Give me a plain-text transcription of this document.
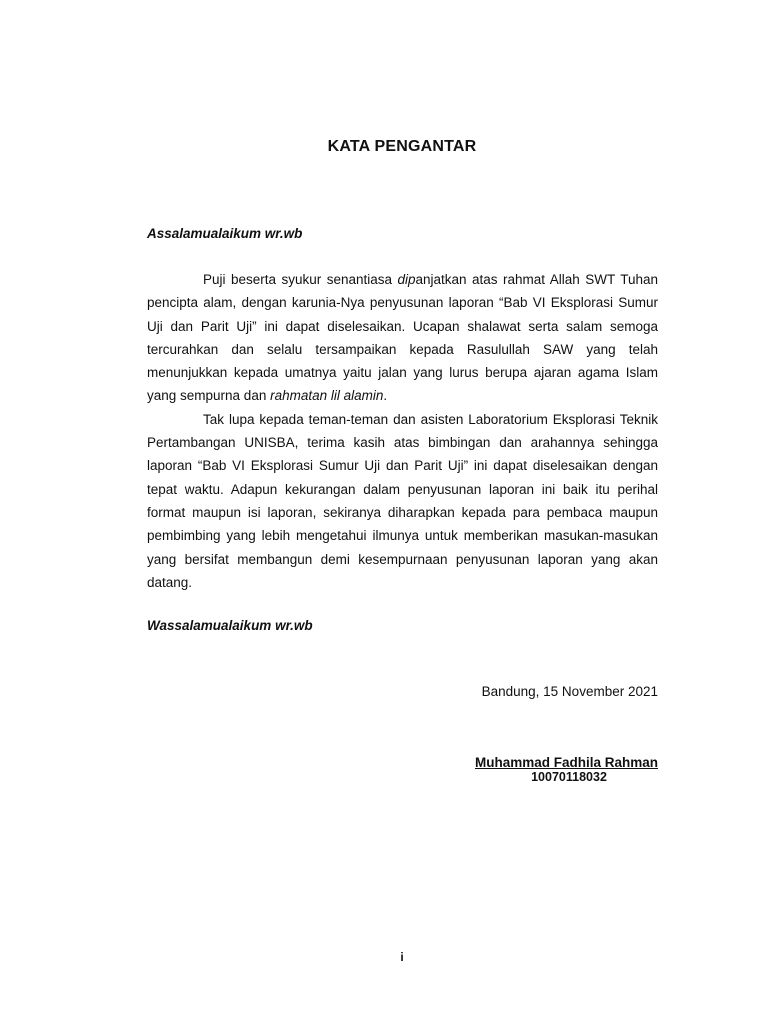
KATA PENGANTAR
Assalamualaikum wr.wb

Puji beserta syukur senantiasa dipanjatkan atas rahmat Allah SWT Tuhan pencipta alam, dengan karunia-Nya penyusunan laporan “Bab VI Eksplorasi Sumur Uji dan Parit Uji” ini dapat diselesaikan. Ucapan shalawat serta salam semoga tercurahkan dan selalu tersampaikan kepada Rasulullah SAW yang telah menunjukkan kepada umatnya yaitu jalan yang lurus berupa ajaran agama Islam yang sempurna dan rahmatan lil alamin.

Tak lupa kepada teman-teman dan asisten Laboratorium Eksplorasi Teknik Pertambangan UNISBA, terima kasih atas bimbingan dan arahannya sehingga laporan “Bab VI Eksplorasi Sumur Uji dan Parit Uji” ini dapat diselesaikan dengan tepat waktu. Adapun kekurangan dalam penyusunan laporan ini baik itu perihal format maupun isi laporan, sekiranya diharapkan kepada para pembaca maupun pembimbing yang lebih mengetahui ilmunya untuk memberikan masukan-masukan yang bersifat membangun demi kesempurnaan penyusunan laporan yang akan datang.

Wassalamualaikum wr.wb
Bandung, 15 November 2021
Muhammad Fadhila Rahman
10070118032
i
